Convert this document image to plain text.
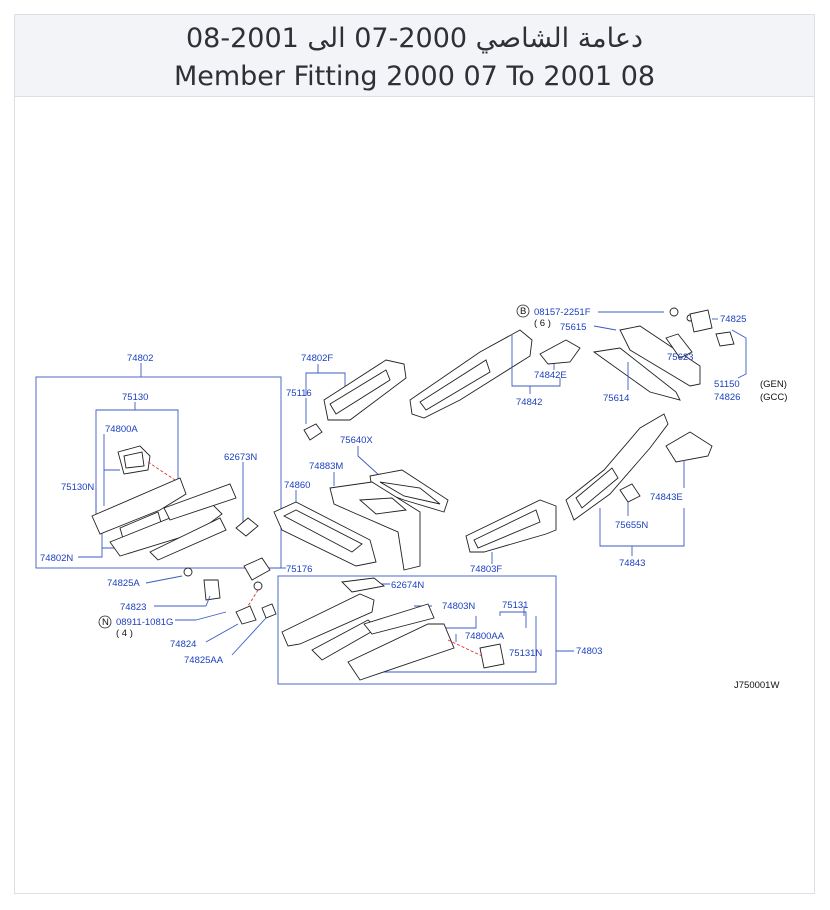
دعامة الشاصي 2000-07 الى 2001-08
Member Fitting 2000 07 To 2001 08
74802
75130
74800A
75130N
74802N
62673N
74802F
75116
75640X
74883M
74860
74825A
74823
N 08911-1081G
( 4 )
74824
74825AA
75176
62674N
74803N	75131
74800AA
75131N	74803
74803F
B 08157-2251F
( 6 ) 75615
74825
75623
74842E
74842	75614
51150 (GEN)
74826 (GCC)
74843E
75655N
74843
J750001W
